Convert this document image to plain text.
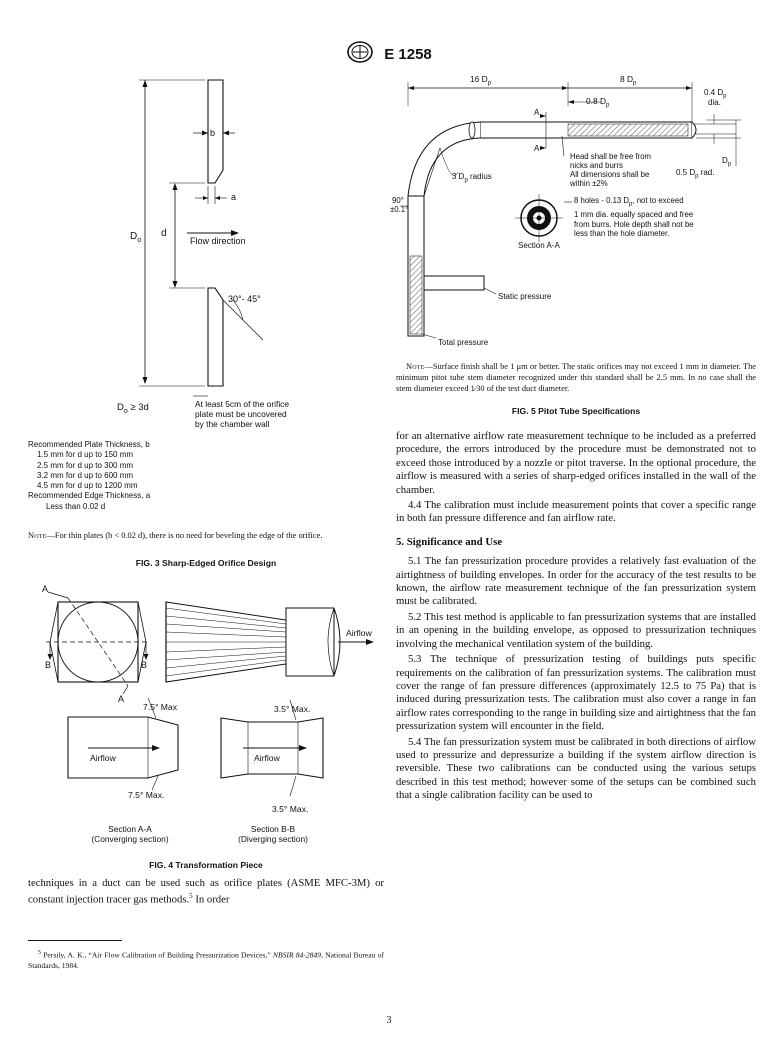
E 1258
b
a
$D_o$
d
Flow direction
30°- 45°
$D_o \ge 3d$	At least 5cm of the orifice
plate must be uncovered
by the chamber wall
Recommended Plate Thickness, b
1.5 mm for d up to 150 mm
2.5 mm for d up to 300 mm
3.2 mm for d up to 600 mm
4.5 mm for d up to 1200 mm
Recommended Edge Thickness, a
Less than 0.02 d
Note—For thin plates (b < 0.02 d), there is no need for beveling the edge of the orifice.
FIG. 3 Sharp-Edged Orifice Design
A
B	B
A
Airflow
7.5° Max
Airflow
7.5° Max.
3.5° Max.
Airflow
3.5° Max.
Section A-A
(Converging section)
Section B-B
(Diverging section)
FIG. 4 Transformation Piece

techniques in a duct can be used such as orifice plates (ASME MFC-3M) or constant injection tracer gas methods.$^5$ In order

$^5$ Persily, A. K., “Air Flow Calibration of Building Pressurization Devices,” NBSIR 84-2849, National Bureau of Standards, 1984.
16 $D_p$	8 $D_p$
0.8 $D_p$
0.4 $D_p$
dia.
A
A
3 $D_p$ radius
Head shall be free from
nicks and burrs
All dimensions shall be
within ±2%
0.5 $D_p$ rad.
$D_p$
90°
±0.1°
8 holes - 0.13 $D_p$, not to exceed
1 mm dia. equally spaced and free
from burrs. Hole depth shall not be
less than the hole diameter.
Section A-A
Static pressure
Total pressure
Note—Surface finish shall be 1 μm or better. The static orifices may not exceed 1 mm in diameter. The minimum pitot tube stem diameter recognized under this standard shall be 2.5 mm. In no case shall the stem diameter exceed 1⁄30 of the test duct diameter.
FIG. 5 Pitot Tube Specifications

for an alternative airflow rate measurement technique to be included as a preferred procedure, the errors introduced by the procedure must be demonstrated not to exceed those introduced by a nozzle or pitot traverse. In the optional procedure, the airflow is measured with a series of sharp-edged orifices installed in the wall of the chamber.

4.4 The calibration must include measurement points that cover a specific range in both fan pressure difference and fan airflow rate.

5. Significance and Use

5.1 The fan pressurization procedure provides a relatively fast evaluation of the airtightness of building envelopes. In order for the accuracy of the test results to be known, the airflow rate measurement technique of the fan pressurization system must be calibrated.

5.2 This test method is applicable to fan pressurization systems that are installed in an opening in the building envelope, as opposed to pressurization techniques involving the mechanical ventilation system of the building.

5.3 The technique of pressurization testing of buildings puts specific requirements on the calibration of fan pressurization systems. The calibration must cover the range of fan pressure differences (approximately 12.5 to 75 Pa) that is induced during pressurization tests. The calibration must also cover a range in fan airflow rates corresponding to the range in building size and airtightness that the fan pressurization system will encounter in the field.

5.4 The fan pressurization system must be calibrated in both directions of airflow used to pressurize and depressurize a building if the system airflow direction is reversible. These two calibrations can be conducted using the various setups described in this test method; however some of the setups can be combined such that a single calibration facility can be used to

3
